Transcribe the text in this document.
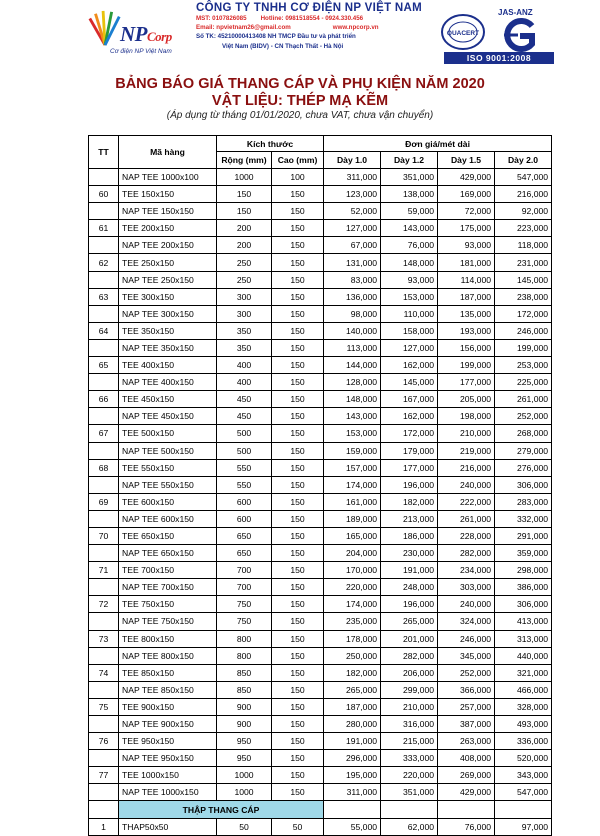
NPCorp
Cơ điện NP Việt Nam
CÔNG TY TNHH CƠ ĐIỆN NP VIỆT NAM
MST: 0107826085 Hotline: 0981518554 - 0924.330.456
Email: npvietnam26@gmail.com	www.npcorp.vn
Số TK: 45210000413408 NH TMCP Đầu tư và phát triển
Việt Nam (BIDV) - CN Thạch Thất - Hà Nội
QUACERT
JAS-ANZ
ISO 9001:2008
BẢNG BÁO GIÁ THANG CÁP VÀ PHỤ KIỆN NĂM 2020
VẬT LIỆU: THÉP MẠ KẼM
(Áp dụng từ tháng 01/01/2020, chưa VAT, chưa vận chuyển)
TT	Mã hàng	Kích thước		Đơn giá/mét dài			
		Rộng (mm)	Cao (mm)	Dày 1.0	Dày 1.2	Dày 1.5	Dày 2.0
	NAP TEE 1000x100	1000	100	311,000	351,000	429,000	547,000
60	TEE 150x150	150	150	123,000	138,000	169,000	216,000
	NAP TEE 150x150	150	150	52,000	59,000	72,000	92,000
61	TEE 200x150	200	150	127,000	143,000	175,000	223,000
	NAP TEE 200x150	200	150	67,000	76,000	93,000	118,000
62	TEE 250x150	250	150	131,000	148,000	181,000	231,000
	NAP TEE 250x150	250	150	83,000	93,000	114,000	145,000
63	TEE 300x150	300	150	136,000	153,000	187,000	238,000
	NAP TEE 300x150	300	150	98,000	110,000	135,000	172,000
64	TEE 350x150	350	150	140,000	158,000	193,000	246,000
	NAP TEE 350x150	350	150	113,000	127,000	156,000	199,000
65	TEE 400x150	400	150	144,000	162,000	199,000	253,000
	NAP TEE 400x150	400	150	128,000	145,000	177,000	225,000
66	TEE 450x150	450	150	148,000	167,000	205,000	261,000
	NAP TEE 450x150	450	150	143,000	162,000	198,000	252,000
67	TEE 500x150	500	150	153,000	172,000	210,000	268,000
	NAP TEE 500x150	500	150	159,000	179,000	219,000	279,000
68	TEE 550x150	550	150	157,000	177,000	216,000	276,000
	NAP TEE 550x150	550	150	174,000	196,000	240,000	306,000
69	TEE 600x150	600	150	161,000	182,000	222,000	283,000
	NAP TEE 600x150	600	150	189,000	213,000	261,000	332,000
70	TEE 650x150	650	150	165,000	186,000	228,000	291,000
	NAP TEE 650x150	650	150	204,000	230,000	282,000	359,000
71	TEE 700x150	700	150	170,000	191,000	234,000	298,000
	NAP TEE 700x150	700	150	220,000	248,000	303,000	386,000
72	TEE 750x150	750	150	174,000	196,000	240,000	306,000
	NAP TEE 750x150	750	150	235,000	265,000	324,000	413,000
73	TEE 800x150	800	150	178,000	201,000	246,000	313,000
	NAP TEE 800x150	800	150	250,000	282,000	345,000	440,000
74	TEE 850x150	850	150	182,000	206,000	252,000	321,000
	NAP TEE 850x150	850	150	265,000	299,000	366,000	466,000
75	TEE 900x150	900	150	187,000	210,000	257,000	328,000
	NAP TEE 900x150	900	150	280,000	316,000	387,000	493,000
76	TEE 950x150	950	150	191,000	215,000	263,000	336,000
	NAP TEE 950x150	950	150	296,000	333,000	408,000	520,000
77	TEE 1000x150	1000	150	195,000	220,000	269,000	343,000
	NAP TEE 1000x150	1000	150	311,000	351,000	429,000	547,000
	THẬP THANG CÁP						
1	THAP50x50	50	50	55,000	62,000	76,000	97,000
